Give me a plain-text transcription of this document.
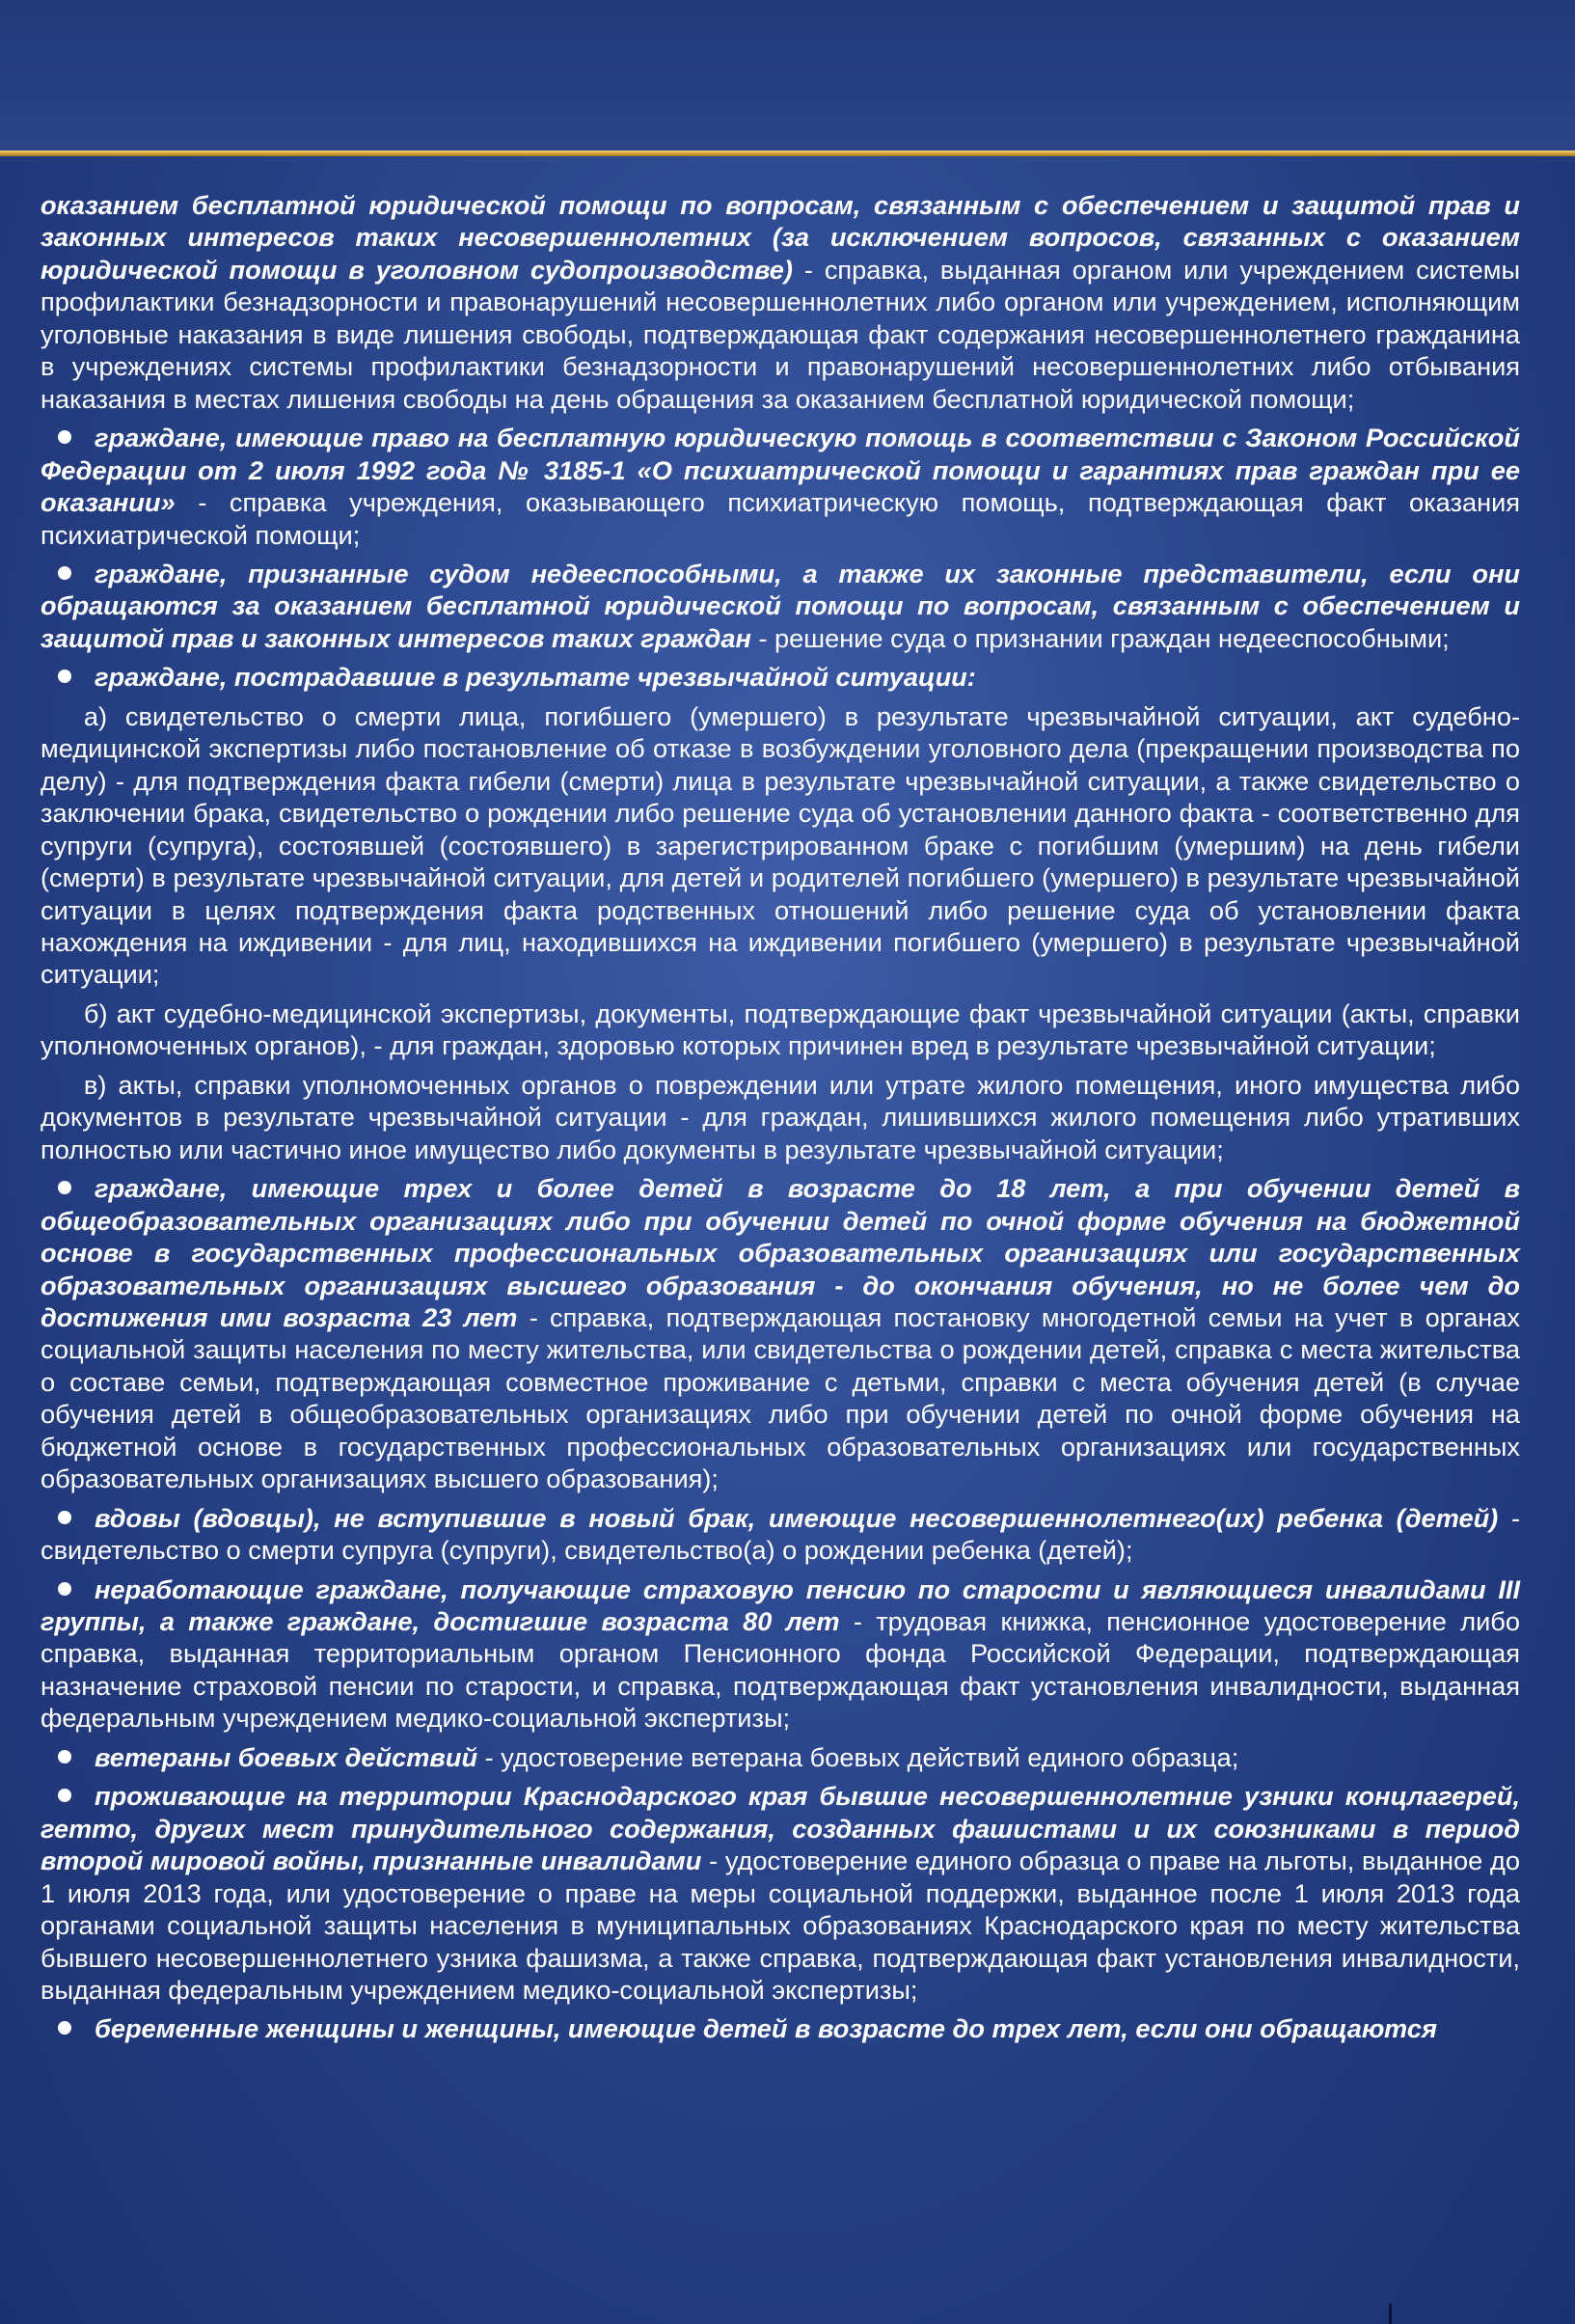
оказанием бесплатной юридической помощи по вопросам, связанным с обеспечением и защитой прав и законных интересов таких несовершеннолетних (за исключением вопросов, связанных с оказанием юридической помощи в уголовном судопроизводстве) - справка, выданная органом или учреждением системы профилактики безнадзорности и правонарушений несовершеннолетних либо органом или учреждением, исполняющим уголовные наказания в виде лишения свободы, подтверждающая факт содержания несовершеннолетнего гражданина в учреждениях системы профилактики безнадзорности и правонарушений несовершеннолетних либо отбывания наказания в местах лишения свободы на день обращения за оказанием бесплатной юридической помощи;

граждане, имеющие право на бесплатную юридическую помощь в соответствии с Законом Российской Федерации от 2 июля 1992 года № 3185-1 «О психиатрической помощи и гарантиях прав граждан при ее оказании» - справка учреждения, оказывающего психиатрическую помощь, подтверждающая факт оказания психиатрической помощи;

граждане, признанные судом недееспособными, а также их законные представители, если они обращаются за оказанием бесплатной юридической помощи по вопросам, связанным с обеспечением и защитой прав и законных интересов таких граждан - решение суда о признании граждан недееспособными;

граждане, пострадавшие в результате чрезвычайной ситуации:

а) свидетельство о смерти лица, погибшего (умершего) в результате чрезвычайной ситуации, акт судебно-медицинской экспертизы либо постановление об отказе в возбуждении уголовного дела (прекращении производства по делу) - для подтверждения факта гибели (смерти) лица в результате чрезвычайной ситуации, а также свидетельство о заключении брака, свидетельство о рождении либо решение суда об установлении данного факта - соответственно для супруги (супруга), состоявшей (состоявшего) в зарегистрированном браке с погибшим (умершим) на день гибели (смерти) в результате чрезвычайной ситуации, для детей и родителей погибшего (умершего) в результате чрезвычайной ситуации в целях подтверждения факта родственных отношений либо решение суда об установлении факта нахождения на иждивении - для лиц, находившихся на иждивении погибшего (умершего) в результате чрезвычайной ситуации;

б) акт судебно-медицинской экспертизы, документы, подтверждающие факт чрезвычайной ситуации (акты, справки уполномоченных органов), - для граждан, здоровью которых причинен вред в результате чрезвычайной ситуации;

в) акты, справки уполномоченных органов о повреждении или утрате жилого помещения, иного имущества либо документов в результате чрезвычайной ситуации - для граждан, лишившихся жилого помещения либо утративших полностью или частично иное имущество либо документы в результате чрезвычайной ситуации;

граждане, имеющие трех и более детей в возрасте до 18 лет, а при обучении детей в общеобразовательных организациях либо при обучении детей по очной форме обучения на бюджетной основе в государственных профессиональных образовательных организациях или государственных образовательных организациях высшего образования - до окончания обучения, но не более чем до достижения ими возраста 23 лет - справка, подтверждающая постановку многодетной семьи на учет в органах социальной защиты населения по месту жительства, или свидетельства о рождении детей, справка с места жительства о составе семьи, подтверждающая совместное проживание с детьми, справки с места обучения детей (в случае обучения детей в общеобразовательных организациях либо при обучении детей по очной форме обучения на бюджетной основе в государственных профессиональных образовательных организациях или государственных образовательных организациях высшего образования);

вдовы (вдовцы), не вступившие в новый брак, имеющие несовершеннолетнего(их) ребенка (детей) - свидетельство о смерти супруга (супруги), свидетельство(а) о рождении ребенка (детей);

неработающие граждане, получающие страховую пенсию по старости и являющиеся инвалидами III группы, а также граждане, достигшие возраста 80 лет - трудовая книжка, пенсионное удостоверение либо справка, выданная территориальным органом Пенсионного фонда Российской Федерации, подтверждающая назначение страховой пенсии по старости, и справка, подтверждающая факт установления инвалидности, выданная федеральным учреждением медико-социальной экспертизы;

ветераны боевых действий - удостоверение ветерана боевых действий единого образца;

проживающие на территории Краснодарского края бывшие несовершеннолетние узники концлагерей, гетто, других мест принудительного содержания, созданных фашистами и их союзниками в период второй мировой войны, признанные инвалидами - удостоверение единого образца о праве на льготы, выданное до 1 июля 2013 года, или удостоверение о праве на меры социальной поддержки, выданное после 1 июля 2013 года органами социальной защиты населения в муниципальных образованиях Краснодарского края по месту жительства бывшего несовершеннолетнего узника фашизма, а также справка, подтверждающая факт установления инвалидности, выданная федеральным учреждением медико-социальной экспертизы;

беременные женщины и женщины, имеющие детей в возрасте до трех лет, если они обращаются
